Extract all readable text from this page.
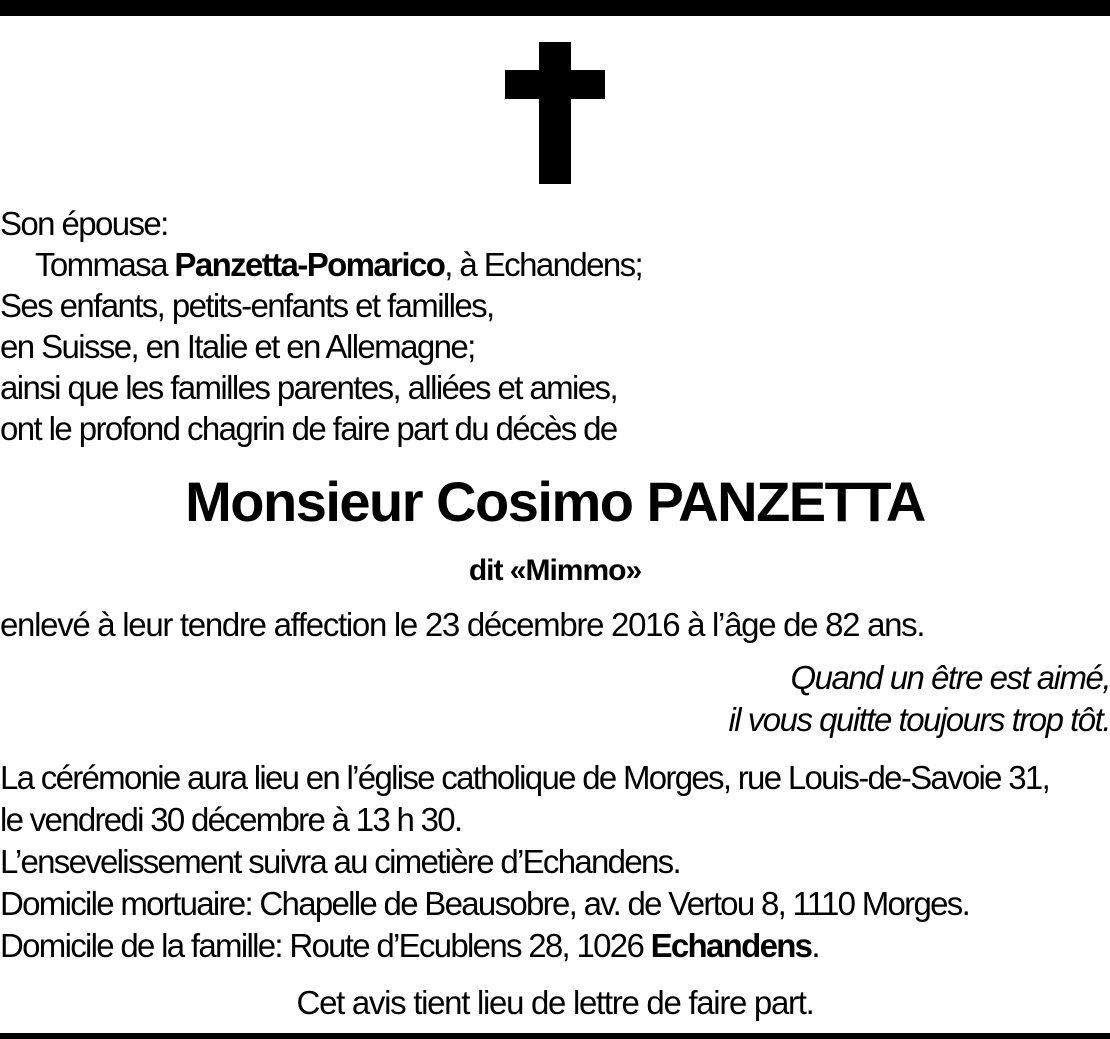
Son épouse:
Tommasa Panzetta-Pomarico, à Echandens;
Ses enfants, petits-enfants et familles,
en Suisse, en Italie et en Allemagne;
ainsi que les familles parentes, alliées et amies,
ont le profond chagrin de faire part du décès de
Monsieur Cosimo PANZETTA
dit «Mimmo»
enlevé à leur tendre affection le 23 décembre 2016 à l’âge de 82 ans.
Quand un être est aimé,
il vous quitte toujours trop tôt.
La cérémonie aura lieu en l’église catholique de Morges, rue Louis-de-Savoie 31,
le vendredi 30 décembre à 13 h 30.
L’ensevelissement suivra au cimetière d’Echandens.
Domicile mortuaire: Chapelle de Beausobre, av. de Vertou 8, 1110 Morges.
Domicile de la famille: Route d’Ecublens 28, 1026 Echandens.
Cet avis tient lieu de lettre de faire part.
